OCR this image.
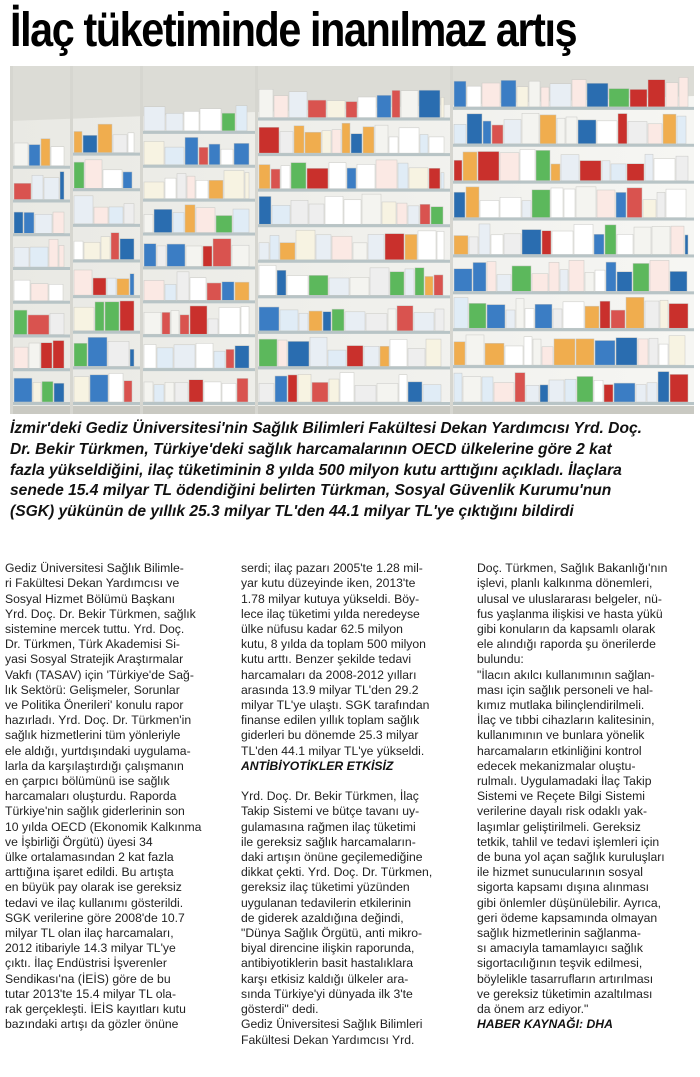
İlaç tüketiminde inanılmaz artış
İzmir'deki Gediz Üniversitesi'nin Sağlık Bilimleri Fakültesi Dekan Yardımcısı Yrd. Doç.
Dr. Bekir Türkmen, Türkiye'deki sağlık harcamalarının OECD ülkelerine göre 2 kat
fazla yükseldiğini, ilaç tüketiminin 8 yılda 500 milyon kutu arttığını açıkladı. İlaçlara
senede 15.4 milyar TL ödendiğini belirten Türkman, Sosyal Güvenlik Kurumu'nun
(SGK) yükünün de yıllık 25.3 milyar TL'den 44.1 milyar TL'ye çıktığını bildirdi

Gediz Üniversitesi Sağlık Bilimle-
ri Fakültesi Dekan Yardımcısı ve
Sosyal Hizmet Bölümü Başkanı
Yrd. Doç. Dr. Bekir Türkmen, sağlık
sistemine mercek tuttu. Yrd. Doç.
Dr. Türkmen, Türk Akademisi Si-
yasi Sosyal Stratejik Araştırmalar
Vakfı (TASAV) için 'Türkiye'de Sağ-
lık Sektörü: Gelişmeler, Sorunlar
ve Politika Önerileri' konulu rapor
hazırladı. Yrd. Doç. Dr. Türkmen'in
sağlık hizmetlerini tüm yönleriyle
ele aldığı, yurtdışındaki uygulama-
larla da karşılaştırdığı çalışmanın
en çarpıcı bölümünü ise sağlık
harcamaları oluşturdu. Raporda
Türkiye'nin sağlık giderlerinin son
10 yılda OECD (Ekonomik Kalkınma
ve İşbirliği Örgütü) üyesi 34
ülke ortalamasından 2 kat fazla
arttığına işaret edildi. Bu artışta
en büyük pay olarak ise gereksiz
tedavi ve ilaç kullanımı gösterildi.
SGK verilerine göre 2008'de 10.7
milyar TL olan ilaç harcamaları,
2012 itibariyle 14.3 milyar TL'ye
çıktı. İlaç Endüstrisi İşverenler
Sendikası'na (İEİS) göre de bu
tutar 2013'te 15.4 milyar TL ola-
rak gerçekleşti. İEİS kayıtları kutu
bazındaki artışı da gözler önüne

serdi; ilaç pazarı 2005'te 1.28 mil-
yar kutu düzeyinde iken, 2013'te
1.78 milyar kutuya yükseldi. Böy-
lece ilaç tüketimi yılda neredeyse
ülke nüfusu kadar 62.5 milyon
kutu, 8 yılda da toplam 500 milyon
kutu arttı. Benzer şekilde tedavi
harcamaları da 2008-2012 yılları
arasında 13.9 milyar TL'den 29.2
milyar TL'ye ulaştı. SGK tarafından
finanse edilen yıllık toplam sağlık
giderleri bu dönemde 25.3 milyar
TL'den 44.1 milyar TL'ye yükseldi.

ANTİBİYOTİKLER ETKİSİZ

Yrd. Doç. Dr. Bekir Türkmen, İlaç
Takip Sistemi ve bütçe tavanı uy-
gulamasına rağmen ilaç tüketimi
ile gereksiz sağlık harcamaların-
daki artışın önüne geçilemediğine
dikkat çekti. Yrd. Doç. Dr. Türkmen,
gereksiz ilaç tüketimi yüzünden
uygulanan tedavilerin etkilerinin
de giderek azaldığına değindi,
"Dünya Sağlık Örgütü, anti mikro-
biyal direncine ilişkin raporunda,
antibiyotiklerin basit hastalıklara
karşı etkisiz kaldığı ülkeler ara-
sında Türkiye'yi dünyada ilk 3'te
gösterdi" dedi.
Gediz Üniversitesi Sağlık Bilimleri
Fakültesi Dekan Yardımcısı Yrd.

Doç. Türkmen, Sağlık Bakanlığı'nın
işlevi, planlı kalkınma dönemleri,
ulusal ve uluslararası belgeler, nü-
fus yaşlanma ilişkisi ve hasta yükü
gibi konuların da kapsamlı olarak
ele alındığı raporda şu önerilerde
bulundu:
"İlacın akılcı kullanımının sağlan-
ması için sağlık personeli ve hal-
kımız mutlaka bilinçlendirilmeli.
İlaç ve tıbbi cihazların kalitesinin,
kullanımının ve bunlara yönelik
harcamaların etkinliğini kontrol
edecek mekanizmalar oluştu-
rulmalı. Uygulamadaki İlaç Takip
Sistemi ve Reçete Bilgi Sistemi
verilerine dayalı risk odaklı yak-
laşımlar geliştirilmeli. Gereksiz
tetkik, tahlil ve tedavi işlemleri için
de buna yol açan sağlık kuruluşları
ile hizmet sunucularının sosyal
sigorta kapsamı dışına alınması
gibi önlemler düşünülebilir. Ayrıca,
geri ödeme kapsamında olmayan
sağlık hizmetlerinin sağlanma-
sı amacıyla tamamlayıcı sağlık
sigortacılığının teşvik edilmesi,
böylelikle tasarrufların artırılması
ve gereksiz tüketimin azaltılması
da önem arz ediyor."

HABER KAYNAĞI: DHA
